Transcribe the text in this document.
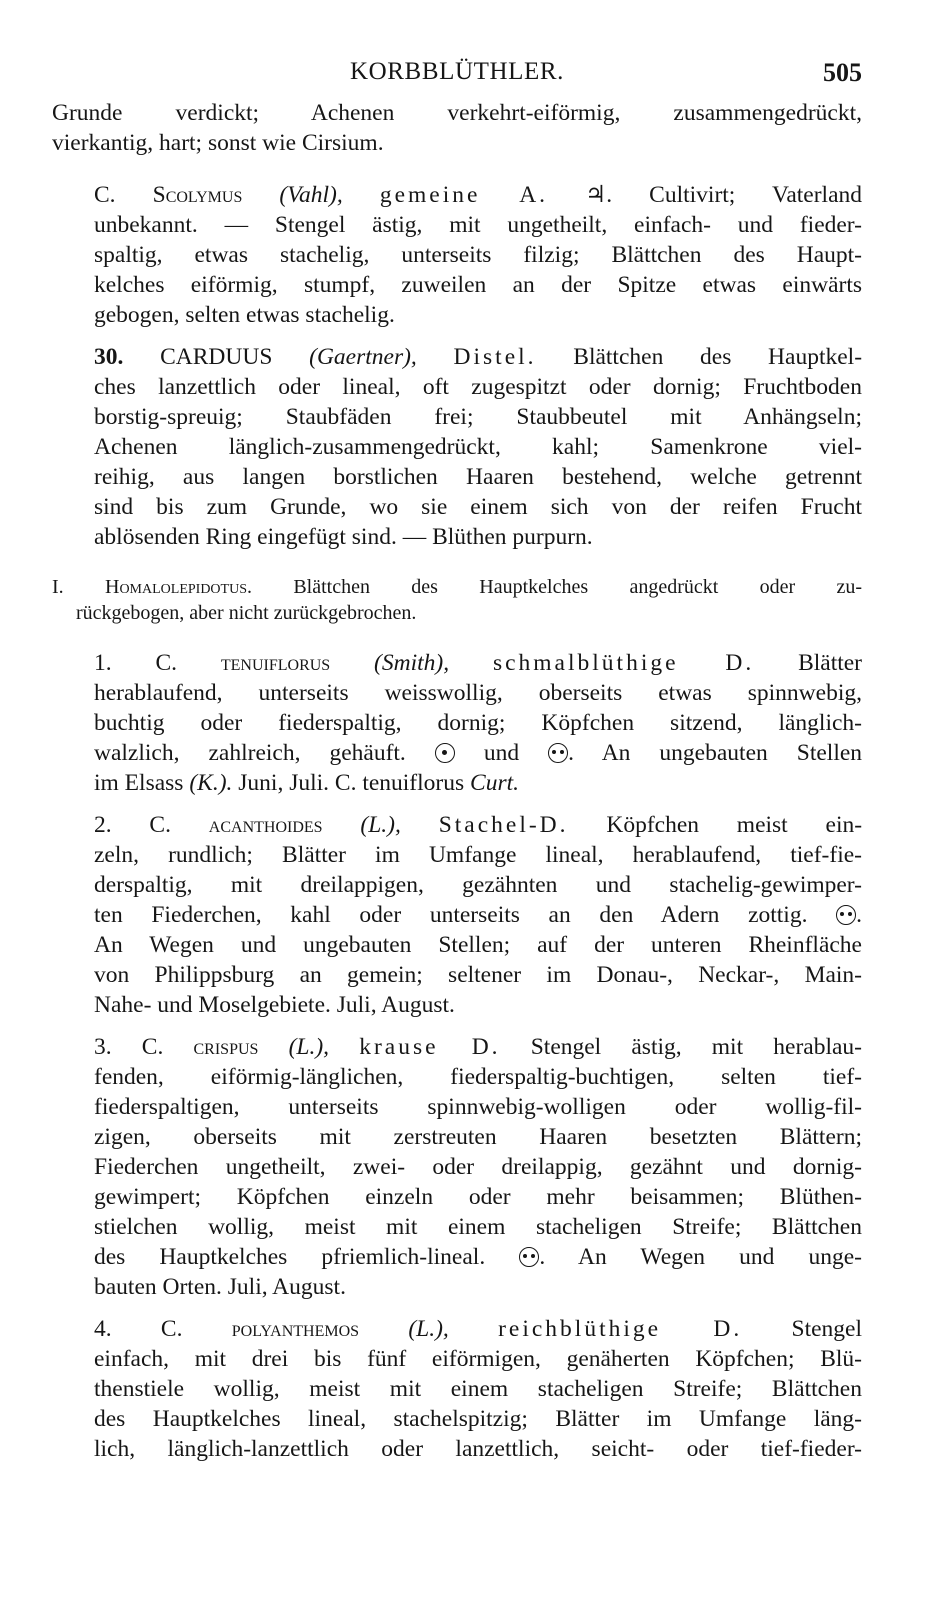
KORBBLÜTHLER.	505

Grunde verdickt; Achenen verkehrt-eiförmig, zusammengedrückt,
vierkantig, hart; sonst wie Cirsium.

C. Scolymus (Vahl), gemeine A. ♃. Cultivirt; Vaterland
unbekannt. — Stengel ästig, mit ungetheilt, einfach- und fieder-
spaltig, etwas stachelig, unterseits filzig; Blättchen des Haupt-
kelches eiförmig, stumpf, zuweilen an der Spitze etwas einwärts
gebogen, selten etwas stachelig.

30. CARDUUS (Gaertner), Distel. Blättchen des Hauptkel-
ches lanzettlich oder lineal, oft zugespitzt oder dornig; Fruchtboden
borstig-spreuig; Staubfäden frei; Staubbeutel mit Anhängseln;
Achenen länglich-zusammengedrückt, kahl; Samenkrone viel-
reihig, aus langen borstlichen Haaren bestehend, welche getrennt
sind bis zum Grunde, wo sie einem sich von der reifen Frucht
ablösenden Ring eingefügt sind. — Blüthen purpurn.

I. Homalolepidotus. Blättchen des Hauptkelches angedrückt oder zu-
rückgebogen, aber nicht zurückgebrochen.

1. C. tenuiflorus (Smith), schmalblüthige D. Blätter
herablaufend, unterseits weisswollig, oberseits etwas spinnwebig,
buchtig oder fiederspaltig, dornig; Köpfchen sitzend, länglich-
walzlich, zahlreich, gehäuft.	und . An ungebauten Stellen
im Elsass (K.). Juni, Juli. C. tenuiflorus Curt.

2. C. acanthoides (L.), Stachel-D. Köpfchen meist ein-
zeln, rundlich; Blätter im Umfange lineal, herablaufend, tief-fie-
derspaltig, mit dreilappigen, gezähnten und stachelig-gewimper-
ten Fiederchen, kahl oder unterseits an den Adern zottig. .
An Wegen und ungebauten Stellen; auf der unteren Rheinfläche
von Philippsburg an gemein; seltener im Donau-, Neckar-, Main-
Nahe- und Moselgebiete. Juli, August.

3. C. crispus (L.), krause D. Stengel ästig, mit herablau-
fenden, eiförmig-länglichen, fiederspaltig-buchtigen, selten tief-
fiederspaltigen, unterseits spinnwebig-wolligen oder wollig-fil-
zigen, oberseits mit zerstreuten Haaren besetzten Blättern;
Fiederchen ungetheilt, zwei- oder dreilappig, gezähnt und dornig-
gewimpert; Köpfchen einzeln oder mehr beisammen; Blüthen-
stielchen wollig, meist mit einem stacheligen Streife; Blättchen
des Hauptkelches pfriemlich-lineal. . An Wegen und unge-
bauten Orten. Juli, August.

4. C. polyanthemos (L.), reichblüthige D. Stengel
einfach, mit drei bis fünf eiförmigen, genäherten Köpfchen; Blü-
thenstiele wollig, meist mit einem stacheligen Streife; Blättchen
des Hauptkelches lineal, stachelspitzig; Blätter im Umfange läng-
lich, länglich-lanzettlich oder lanzettlich, seicht- oder tief-fieder-
